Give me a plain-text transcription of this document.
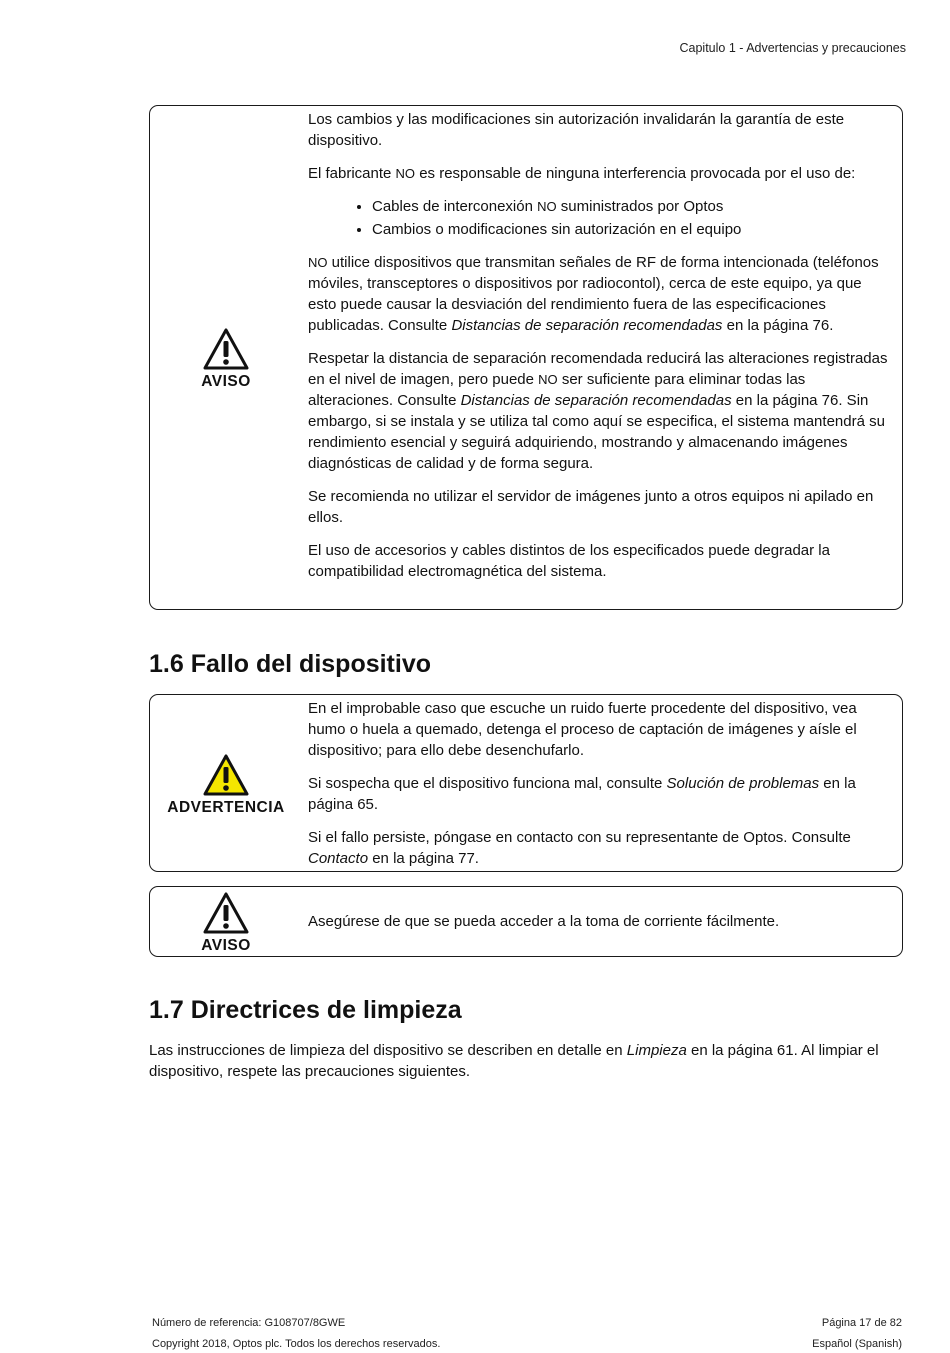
Capitulo 1 - Advertencias y precauciones
AVISO

Los cambios y las modificaciones sin autorización invalidarán la garantía de este dispositivo.

El fabricante NO es responsable de ninguna interferencia provocada por el uso de:

• Cables de interconexión NO suministrados por Optos
• Cambios o modificaciones sin autorización en el equipo

NO utilice dispositivos que transmitan señales de RF de forma intencionada (teléfonos móviles, transceptores o dispositivos por radiocontol), cerca de este equipo, ya que esto puede causar la desviación del rendimiento fuera de las especificaciones publicadas. Consulte Distancias de separación recomendadas en la página 76.

Respetar la distancia de separación recomendada reducirá las alteraciones registradas en el nivel de imagen, pero puede NO ser suficiente para eliminar todas las alteraciones. Consulte Distancias de separación recomendadas en la página 76. Sin embargo, si se instala y se utiliza tal como aquí se especifica, el sistema mantendrá su rendimiento esencial y seguirá adquiriendo, mostrando y almacenando imágenes diagnósticas de calidad y de forma segura.

Se recomienda no utilizar el servidor de imágenes junto a otros equipos ni apilado en ellos.

El uso de accesorios y cables distintos de los especificados puede degradar la compatibilidad electromagnética del sistema.

1.6 Fallo del dispositivo
ADVERTENCIA

En el improbable caso que escuche un ruido fuerte procedente del dispositivo, vea humo o huela a quemado, detenga el proceso de captación de imágenes y aísle el dispositivo; para ello debe desenchufarlo.

Si sospecha que el dispositivo funciona mal, consulte Solución de problemas en la página 65.

Si el fallo persiste, póngase en contacto con su representante de Optos. Consulte Contacto en la página 77.

AVISO

Asegúrese de que se pueda acceder a la toma de corriente fácilmente.

1.7 Directrices de limpieza

Las instrucciones de limpieza del dispositivo se describen en detalle en Limpieza en la página 61. Al limpiar el dispositivo, respete las precauciones siguientes.

Número de referencia: G108707/8GWE
Copyright 2018, Optos plc. Todos los derechos reservados.
Página 17 de 82
Español (Spanish)
